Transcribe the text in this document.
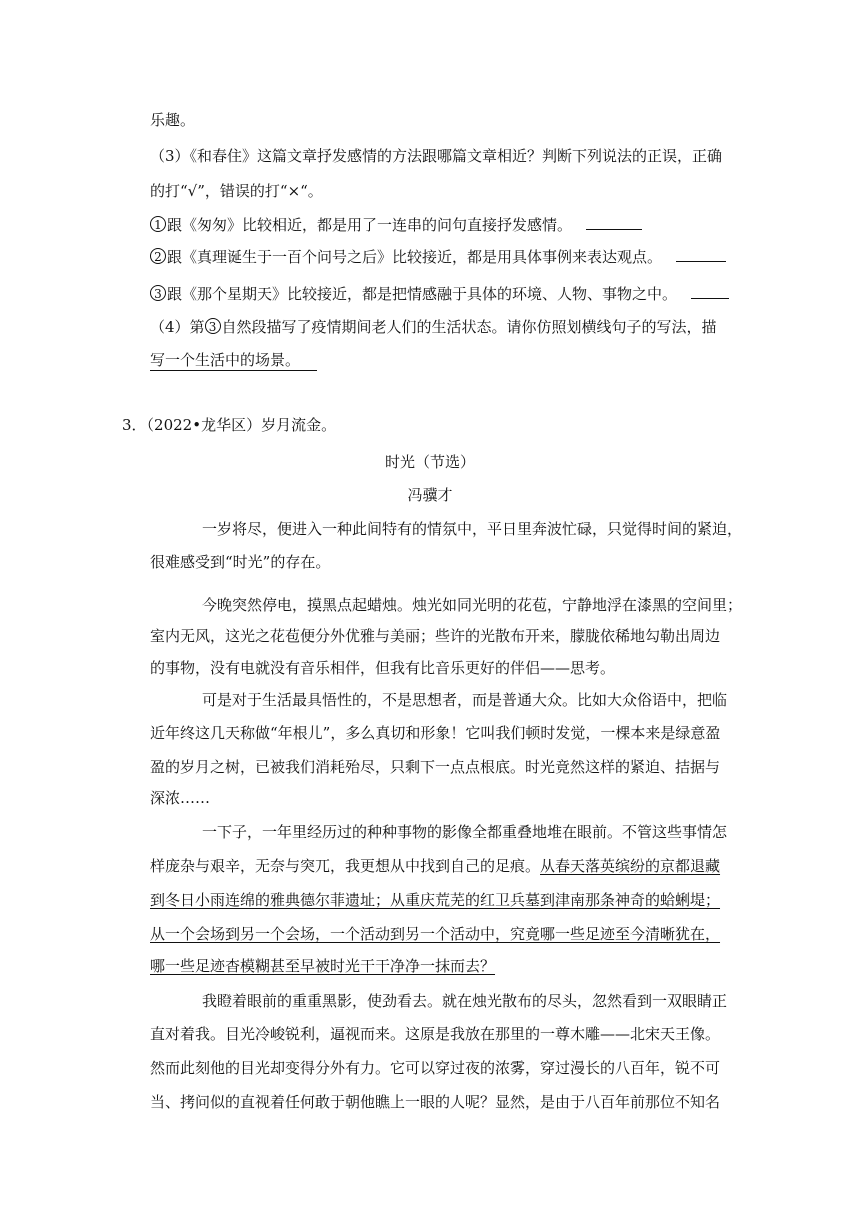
乐趣。
（3）《和春住》这篇文章抒发感情的方法跟哪篇文章相近？判断下列说法的正误，正确
的打“√”，错误的打“×“。
1 跟《匆匆》比较相近，都是用了一连串的问句直接抒发感情。
2 跟《真理诞生于一百个问号之后》比较接近，都是用具体事例来表达观点。
3 跟《那个星期天》比较接近，都是把情感融于具体的环境、人物、事物之中。
（4）第 3 自然段描写了疫情期间老人们的生活状态。请你仿照划横线句子的写法，描
写一个生活中的场景。
3．（2022•龙华区）岁月流金。
时光（节选）
冯骥才
一岁将尽，便进入一种此间特有的情氛中，平日里奔波忙碌，只觉得时间的紧迫，
很难感受到“时光”的存在。
今晚突然停电，摸黑点起蜡烛。烛光如同光明的花苞，宁静地浮在漆黑的空间里；
室内无风，这光之花苞便分外优雅与美丽；些许的光散布开来，朦胧依稀地勾勒出周边
的事物，没有电就没有音乐相伴，但我有比音乐更好的伴侣——思考。
可是对于生活最具悟性的，不是思想者，而是普通大众。比如大众俗语中，把临
近年终这几天称做“年根儿”，多么真切和形象！它叫我们顿时发觉，一棵本来是绿意盈
盈的岁月之树，已被我们消耗殆尽，只剩下一点点根底。时光竟然这样的紧迫、拮据与
深浓……
一下子，一年里经历过的种种事物的影像全都重叠地堆在眼前。不管这些事情怎
样庞杂与艰辛，无奈与突兀，我更想从中找到自己的足痕。从春天落英缤纷的京都退藏
到冬日小雨连绵的雅典德尔菲遗址；从重庆荒芜的红卫兵墓到津南那条神奇的蛤蜊堤；
从一个会场到另一个会场，一个活动到另一个活动中，究竟哪一些足迹至今清晰犹在，
哪一些足迹杳模糊甚至早被时光干干净净一抹而去？
我瞪着眼前的重重黑影，使劲看去。就在烛光散布的尽头，忽然看到一双眼睛正
直对着我。目光冷峻锐利，逼视而来。这原是我放在那里的一尊木雕——北宋天王像。
然而此刻他的目光却变得分外有力。它可以穿过夜的浓雾，穿过漫长的八百年，锐不可
当、拷问似的直视着任何敢于朝他瞧上一眼的人呢？显然，是由于八百年前那位不知名
